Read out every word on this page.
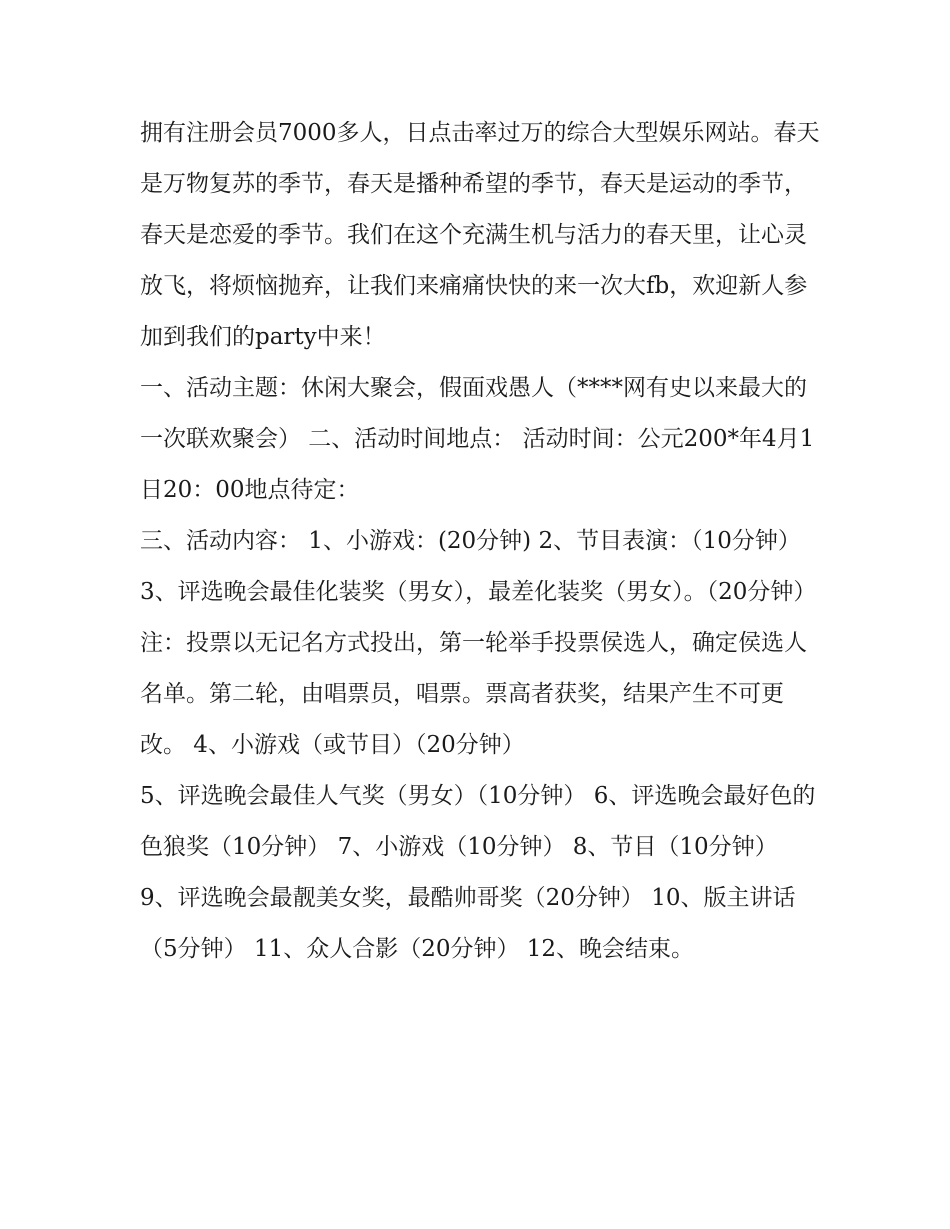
拥有注册会员7000多人，日点击率过万的综合大型娱乐网站。春天是万物复苏的季节，春天是播种希望的季节，春天是运动的季节，春天是恋爱的季节。我们在这个充满生机与活力的春天里，让心灵放飞，将烦恼抛弃，让我们来痛痛快快的来一次大fb，欢迎新人参加到我们的party中来！

一、活动主题：休闲大聚会，假面戏愚人（****网有史以来最大的一次联欢聚会） 二、活动时间地点： 活动时间：公元200*年4月1日20：00地点待定：

三、活动内容： 1、小游戏：(20分钟) 2、节目表演：（10分钟） 3、评选晚会最佳化装奖（男女），最差化装奖（男女）。（20分钟）

注：投票以无记名方式投出，第一轮举手投票侯选人，确定侯选人名单。第二轮，由唱票员，唱票。票高者获奖，结果产生不可更改。 4、小游戏（或节目）（20分钟）

5、评选晚会最佳人气奖（男女）（10分钟） 6、评选晚会最好色的色狼奖（10分钟） 7、小游戏（10分钟） 8、节目（10分钟）

9、评选晚会最靓美女奖，最酷帅哥奖（20分钟） 10、版主讲话（5分钟） 11、众人合影（20分钟） 12、晚会结束。
